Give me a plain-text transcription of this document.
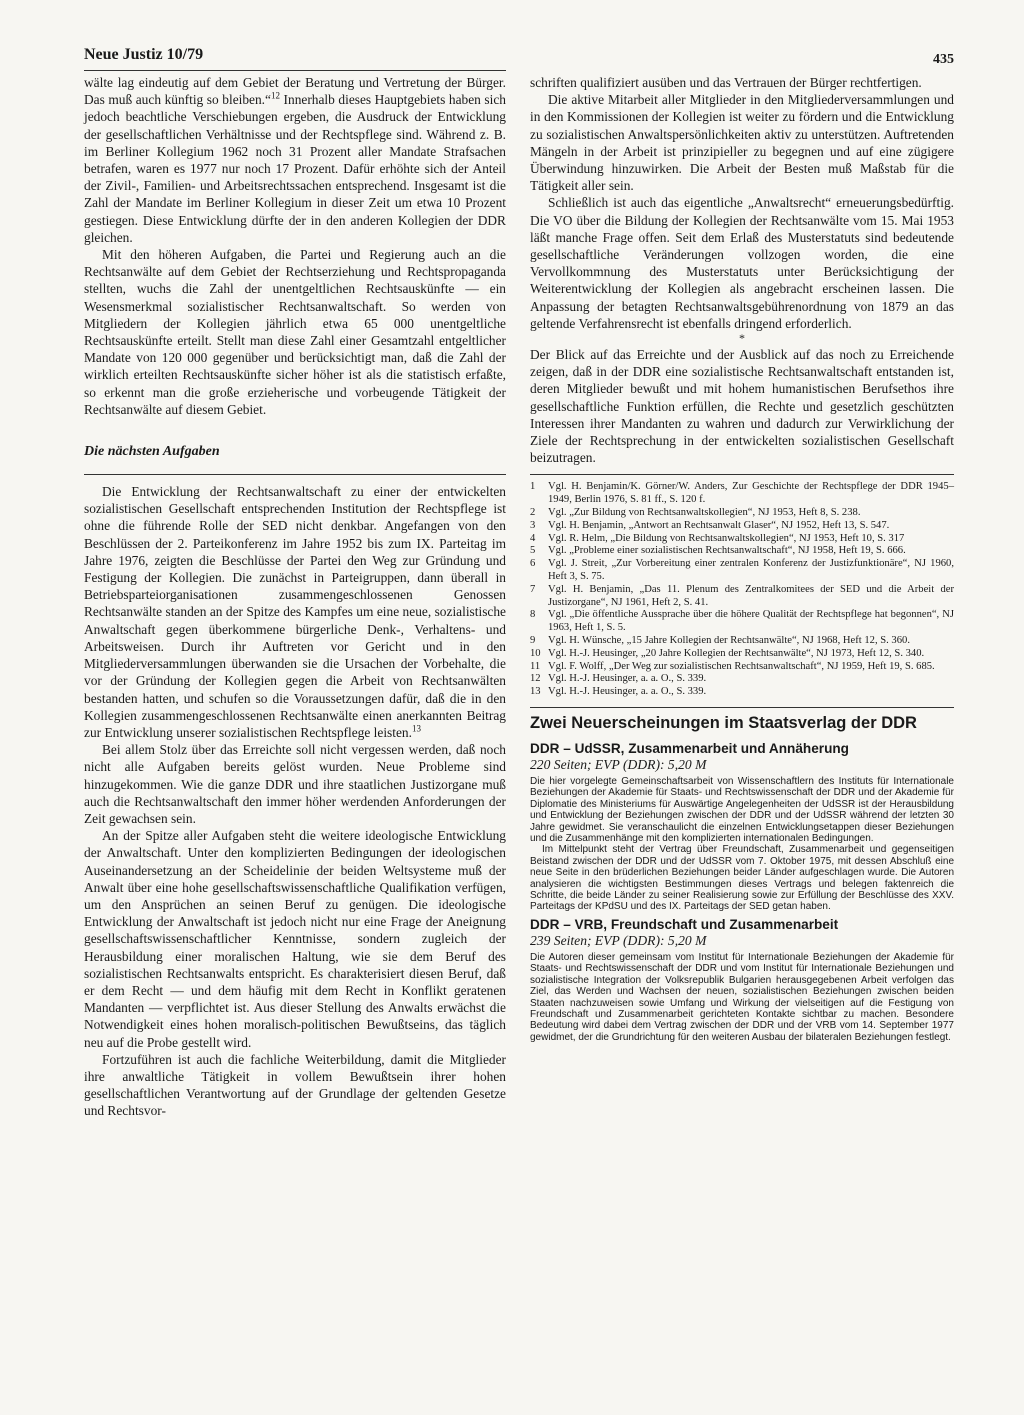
Neue Justiz 10/79	435

wälte lag eindeutig auf dem Gebiet der Beratung und Vertretung der Bürger. Das muß auch künftig so bleiben.“$^{12}$ Innerhalb dieses Hauptgebiets haben sich jedoch beachtliche Verschiebungen ergeben, die Ausdruck der Entwicklung der gesellschaftlichen Verhältnisse und der Rechtspflege sind. Während z. B. im Berliner Kollegium 1962 noch 31 Prozent aller Mandate Strafsachen betrafen, waren es 1977 nur noch 17 Prozent. Dafür erhöhte sich der Anteil der Zivil-, Familien- und Arbeitsrechtssachen entsprechend. Insgesamt ist die Zahl der Mandate im Berliner Kollegium in dieser Zeit um etwa 10 Prozent gestiegen. Diese Entwicklung dürfte der in den anderen Kollegien der DDR gleichen.

Mit den höheren Aufgaben, die Partei und Regierung auch an die Rechtsanwälte auf dem Gebiet der Rechtserziehung und Rechtspropaganda stellten, wuchs die Zahl der unentgeltlichen Rechtsauskünfte — ein Wesensmerkmal sozialistischer Rechtsanwaltschaft. So werden von Mitgliedern der Kollegien jährlich etwa 65 000 unentgeltliche Rechtsauskünfte erteilt. Stellt man diese Zahl einer Gesamtzahl entgeltlicher Mandate von 120 000 gegenüber und berücksichtigt man, daß die Zahl der wirklich erteilten Rechtsauskünfte sicher höher ist als die statistisch erfaßte, so erkennt man die große erzieherische und vorbeugende Tätigkeit der Rechtsanwälte auf diesem Gebiet.

Die nächsten Aufgaben

Die Entwicklung der Rechtsanwaltschaft zu einer der entwickelten sozialistischen Gesellschaft entsprechenden Institution der Rechtspflege ist ohne die führende Rolle der SED nicht denkbar. Angefangen von den Beschlüssen der 2. Parteikonferenz im Jahre 1952 bis zum IX. Parteitag im Jahre 1976, zeigten die Beschlüsse der Partei den Weg zur Gründung und Festigung der Kollegien. Die zunächst in Parteigruppen, dann überall in Betriebsparteiorganisationen zusammengeschlossenen Genossen Rechtsanwälte standen an der Spitze des Kampfes um eine neue, sozialistische Anwaltschaft gegen überkommene bürgerliche Denk-, Verhaltens- und Arbeitsweisen. Durch ihr Auftreten vor Gericht und in den Mitgliederversammlungen überwanden sie die Ursachen der Vorbehalte, die vor der Gründung der Kollegien gegen die Arbeit von Rechtsanwälten bestanden hatten, und schufen so die Voraussetzungen dafür, daß die in den Kollegien zusammengeschlossenen Rechtsanwälte einen anerkannten Beitrag zur Entwicklung unserer sozialistischen Rechtspflege leisten.$^{13}$

Bei allem Stolz über das Erreichte soll nicht vergessen werden, daß noch nicht alle Aufgaben bereits gelöst wurden. Neue Probleme sind hinzugekommen. Wie die ganze DDR und ihre staatlichen Justizorgane muß auch die Rechtsanwaltschaft den immer höher werdenden Anforderungen der Zeit gewachsen sein.

An der Spitze aller Aufgaben steht die weitere ideologische Entwicklung der Anwaltschaft. Unter den komplizierten Bedingungen der ideologischen Auseinandersetzung an der Scheidelinie der beiden Weltsysteme muß der Anwalt über eine hohe gesellschaftswissenschaftliche Qualifikation verfügen, um den Ansprüchen an seinen Beruf zu genügen. Die ideologische Entwicklung der Anwaltschaft ist jedoch nicht nur eine Frage der Aneignung gesellschaftswissenschaftlicher Kenntnisse, sondern zugleich der Herausbildung einer moralischen Haltung, wie sie dem Beruf des sozialistischen Rechtsanwalts entspricht. Es charakterisiert diesen Beruf, daß er dem Recht — und dem häufig mit dem Recht in Konflikt geratenen Mandanten — verpflichtet ist. Aus dieser Stellung des Anwalts erwächst die Notwendigkeit eines hohen moralisch-politischen Bewußtseins, das täglich neu auf die Probe gestellt wird.

Fortzuführen ist auch die fachliche Weiterbildung, damit die Mitglieder ihre anwaltliche Tätigkeit in vollem Bewußtsein ihrer hohen gesellschaftlichen Verantwortung auf der Grundlage der geltenden Gesetze und Rechtsvor-

schriften qualifiziert ausüben und das Vertrauen der Bürger rechtfertigen.

Die aktive Mitarbeit aller Mitglieder in den Mitgliederversammlungen und in den Kommissionen der Kollegien ist weiter zu fördern und die Entwicklung zu sozialistischen Anwaltspersönlichkeiten aktiv zu unterstützen. Auftretenden Mängeln in der Arbeit ist prinzipieller zu begegnen und auf eine zügigere Überwindung hinzuwirken. Die Arbeit der Besten muß Maßstab für die Tätigkeit aller sein.

Schließlich ist auch das eigentliche „Anwaltsrecht“ erneuerungsbedürftig. Die VO über die Bildung der Kollegien der Rechtsanwälte vom 15. Mai 1953 läßt manche Frage offen. Seit dem Erlaß des Musterstatuts sind bedeutende gesellschaftliche Veränderungen vollzogen worden, die eine Vervollkommnung des Musterstatuts unter Berücksichtigung der Weiterentwicklung der Kollegien als angebracht erscheinen lassen. Die Anpassung der betagten Rechtsanwaltsgebührenordnung von 1879 an das geltende Verfahrensrecht ist ebenfalls dringend erforderlich.

*

Der Blick auf das Erreichte und der Ausblick auf das noch zu Erreichende zeigen, daß in der DDR eine sozialistische Rechtsanwaltschaft entstanden ist, deren Mitglieder bewußt und mit hohem humanistischen Berufsethos ihre gesellschaftliche Funktion erfüllen, die Rechte und gesetzlich geschützten Interessen ihrer Mandanten zu wahren und dadurch zur Verwirklichung der Ziele der Rechtsprechung in der entwickelten sozialistischen Gesellschaft beizutragen.

1	Vgl. H. Benjamin/K. Görner/W. Anders, Zur Geschichte der Rechtspflege der DDR 1945–1949, Berlin 1976, S. 81 ff., S. 120 f.
2	Vgl. „Zur Bildung von Rechtsanwaltskollegien“, NJ 1953, Heft 8, S. 238.
3	Vgl. H. Benjamin, „Antwort an Rechtsanwalt Glaser“, NJ 1952, Heft 13, S. 547.
4	Vgl. R. Helm, „Die Bildung von Rechtsanwaltskollegien“, NJ 1953, Heft 10, S. 317
5	Vgl. „Probleme einer sozialistischen Rechtsanwaltschaft“, NJ 1958, Heft 19, S. 666.
6	Vgl. J. Streit, „Zur Vorbereitung einer zentralen Konferenz der Justizfunktionäre“, NJ 1960, Heft 3, S. 75.
7	Vgl. H. Benjamin, „Das 11. Plenum des Zentralkomitees der SED und die Arbeit der Justizorgane“, NJ 1961, Heft 2, S. 41.
8	Vgl. „Die öffentliche Aussprache über die höhere Qualität der Rechtspflege hat begonnen“, NJ 1963, Heft 1, S. 5.
9	Vgl. H. Wünsche, „15 Jahre Kollegien der Rechtsanwälte“, NJ 1968, Heft 12, S. 360.
10 Vgl. H.-J. Heusinger, „20 Jahre Kollegien der Rechtsanwälte“, NJ 1973, Heft 12, S. 340.
11 Vgl. F. Wolff, „Der Weg zur sozialistischen Rechtsanwaltschaft“, NJ 1959, Heft 19, S. 685.
12 Vgl. H.-J. Heusinger, a. a. O., S. 339.
13 Vgl. H.-J. Heusinger, a. a. O., S. 339.
Zwei Neuerscheinungen im Staatsverlag der DDR
DDR – UdSSR, Zusammenarbeit und Annäherung
220 Seiten; EVP (DDR): 5,20 M

Die hier vorgelegte Gemeinschaftsarbeit von Wissenschaftlern des Instituts für Internationale Beziehungen der Akademie für Staats- und Rechtswissenschaft der DDR und der Akademie für Diplomatie des Ministeriums für Auswärtige Angelegenheiten der UdSSR ist der Herausbildung und Entwicklung der Beziehungen zwischen der DDR und der UdSSR während der letzten 30 Jahre gewidmet. Sie veranschaulicht die einzelnen Entwicklungsetappen dieser Beziehungen und die Zusammenhänge mit den komplizierten internationalen Bedingungen.

Im Mittelpunkt steht der Vertrag über Freundschaft, Zusammenarbeit und gegenseitigen Beistand zwischen der DDR und der UdSSR vom 7. Oktober 1975, mit dessen Abschluß eine neue Seite in den brüderlichen Beziehungen beider Länder aufgeschlagen wurde. Die Autoren analysieren die wichtigsten Bestimmungen dieses Vertrags und belegen faktenreich die Schritte, die beide Länder zu seiner Realisierung sowie zur Erfüllung der Beschlüsse des XXV. Parteitags der KPdSU und des IX. Parteitags der SED getan haben.

DDR – VRB, Freundschaft und Zusammenarbeit
239 Seiten; EVP (DDR): 5,20 M

Die Autoren dieser gemeinsam vom Institut für Internationale Beziehungen der Akademie für Staats- und Rechtswissenschaft der DDR und vom Institut für Internationale Beziehungen und sozialistische Integration der Volksrepublik Bulgarien herausgegebenen Arbeit verfolgen das Ziel, das Werden und Wachsen der neuen, sozialistischen Beziehungen zwischen beiden Staaten nachzuweisen sowie Umfang und Wirkung der vielseitigen auf die Festigung von Freundschaft und Zusammenarbeit gerichteten Kontakte sichtbar zu machen. Besondere Bedeutung wird dabei dem Vertrag zwischen der DDR und der VRB vom 14. September 1977 gewidmet, der die Grundrichtung für den weiteren Ausbau der bilateralen Beziehungen festlegt.
